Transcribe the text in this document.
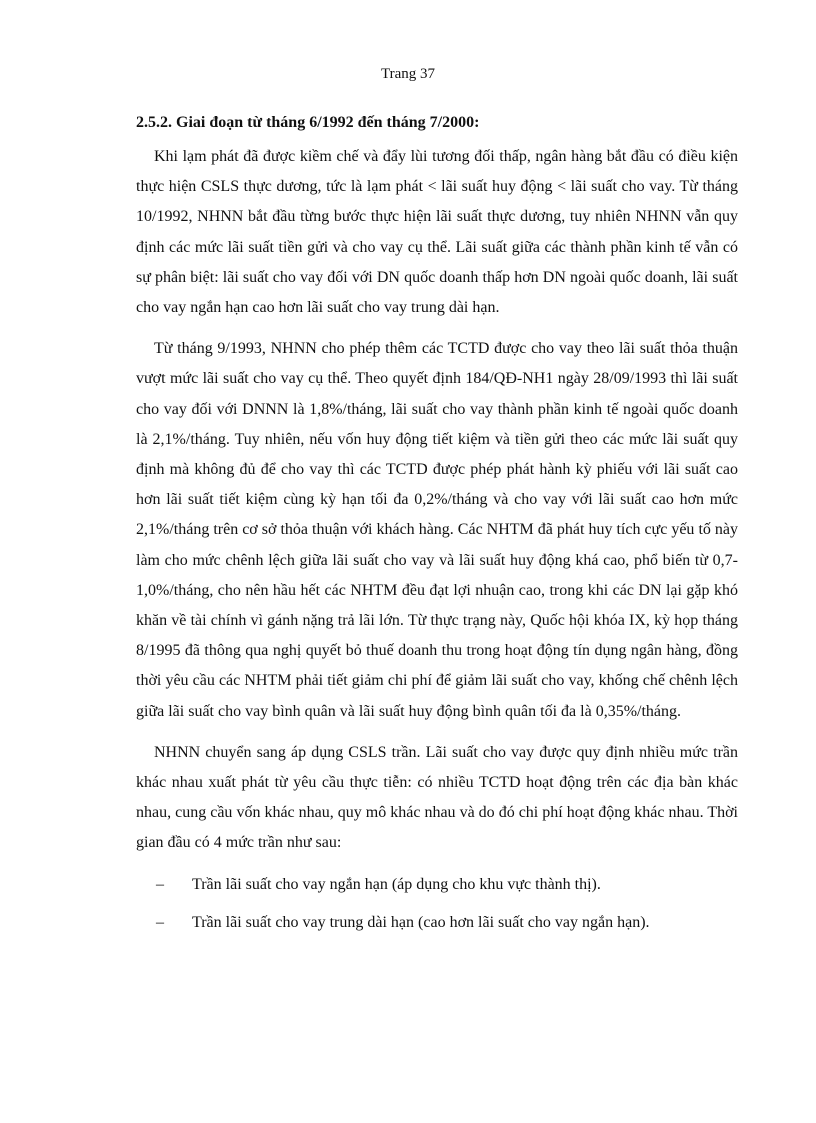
Trang 37
2.5.2. Giai đoạn từ tháng 6/1992 đến tháng 7/2000:

Khi lạm phát đã được kiềm chế và đẩy lùi tương đối thấp, ngân hàng bắt đầu có điều kiện thực hiện CSLS thực dương, tức là lạm phát < lãi suất huy động < lãi suất cho vay. Từ tháng 10/1992, NHNN bắt đầu từng bước thực hiện lãi suất thực dương, tuy nhiên NHNN vẫn quy định các mức lãi suất tiền gửi và cho vay cụ thể. Lãi suất giữa các thành phần kinh tế vẫn có sự phân biệt: lãi suất cho vay đối với DN quốc doanh thấp hơn DN ngoài quốc doanh, lãi suất cho vay ngắn hạn cao hơn lãi suất cho vay trung dài hạn.

Từ tháng 9/1993, NHNN cho phép thêm các TCTD được cho vay theo lãi suất thỏa thuận vượt mức lãi suất cho vay cụ thể. Theo quyết định 184/QĐ-NH1 ngày 28/09/1993 thì lãi suất cho vay đối với DNNN là 1,8%/tháng, lãi suất cho vay thành phần kinh tế ngoài quốc doanh là 2,1%/tháng. Tuy nhiên, nếu vốn huy động tiết kiệm và tiền gửi theo các mức lãi suất quy định mà không đủ để cho vay thì các TCTD được phép phát hành kỳ phiếu với lãi suất cao hơn lãi suất tiết kiệm cùng kỳ hạn tối đa 0,2%/tháng và cho vay với lãi suất cao hơn mức 2,1%/tháng trên cơ sở thỏa thuận với khách hàng. Các NHTM đã phát huy tích cực yếu tố này làm cho mức chênh lệch giữa lãi suất cho vay và lãi suất huy động khá cao, phổ biến từ 0,7-1,0%/tháng, cho nên hầu hết các NHTM đều đạt lợi nhuận cao, trong khi các DN lại gặp khó khăn về tài chính vì gánh nặng trả lãi lớn. Từ thực trạng này, Quốc hội khóa IX, kỳ họp tháng 8/1995 đã thông qua nghị quyết bỏ thuế doanh thu trong hoạt động tín dụng ngân hàng, đồng thời yêu cầu các NHTM phải tiết giảm chi phí để giảm lãi suất cho vay, khống chế chênh lệch giữa lãi suất cho vay bình quân và lãi suất huy động bình quân tối đa là 0,35%/tháng.

NHNN chuyển sang áp dụng CSLS trần. Lãi suất cho vay được quy định nhiều mức trần khác nhau xuất phát từ yêu cầu thực tiễn: có nhiều TCTD hoạt động trên các địa bàn khác nhau, cung cầu vốn khác nhau, quy mô khác nhau và do đó chi phí hoạt động khác nhau. Thời gian đầu có 4 mức trần như sau:

– Trần lãi suất cho vay ngắn hạn (áp dụng cho khu vực thành thị).
– Trần lãi suất cho vay trung dài hạn (cao hơn lãi suất cho vay ngắn hạn).
